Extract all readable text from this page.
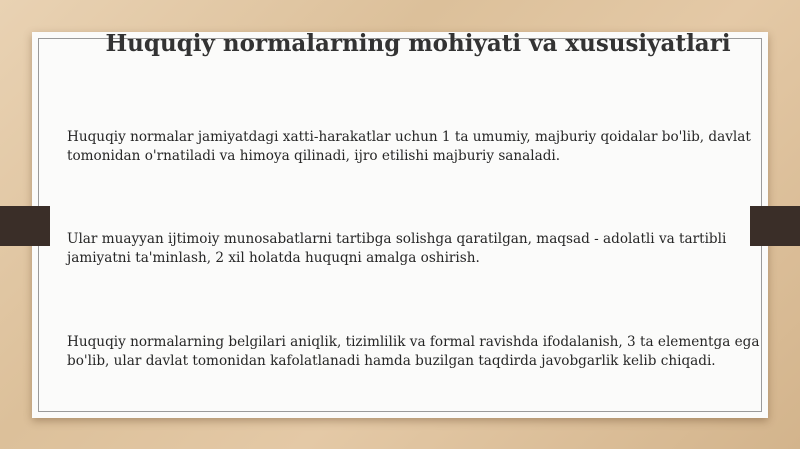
Huquqiy normalarning mohiyati va xususiyatlari

Huquqiy normalar jamiyatdagi xatti-harakatlar uchun 1 ta umumiy, majburiy qoidalar bo'lib, davlat tomonidan o'rnatiladi va himoya qilinadi, ijro etilishi majburiy sanaladi.

Ular muayyan ijtimoiy munosabatlarni tartibga solishga qaratilgan, maqsad - adolatli va tartibli jamiyatni ta'minlash, 2 xil holatda huquqni amalga oshirish.

Huquqiy normalarning belgilari aniqlik, tizimlilik va formal ravishda ifodalanish, 3 ta elementga ega bo'lib, ular davlat tomonidan kafolatlanadi hamda buzilgan taqdirda javobgarlik kelib chiqadi.
